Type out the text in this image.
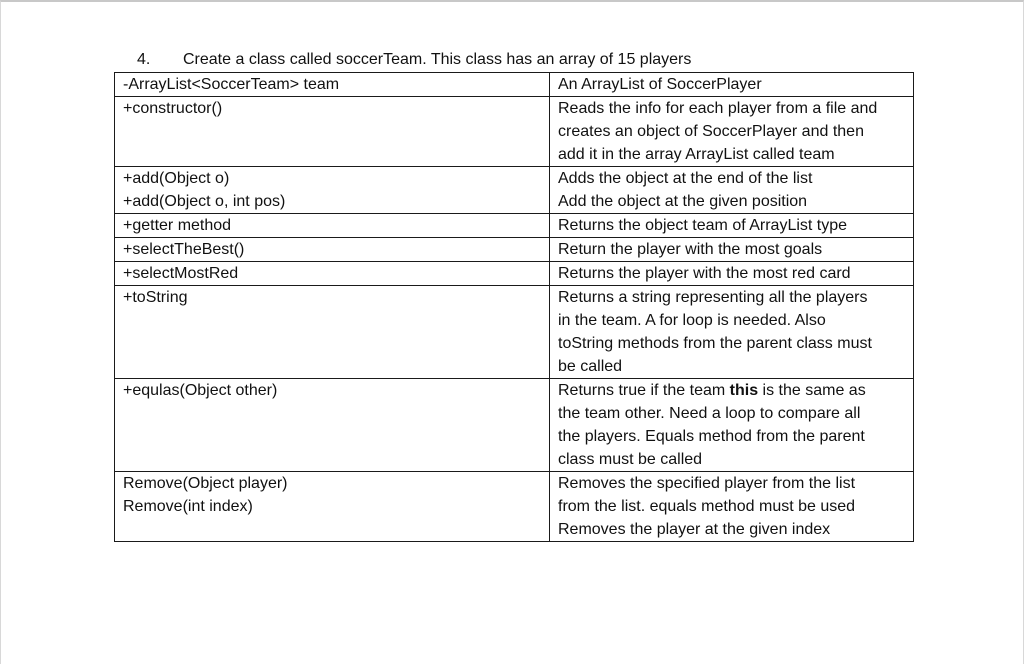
4. Create a class called soccerTeam. This class has an array of 15 players
-ArrayList<SoccerTeam> team	An ArrayList of SoccerPlayer

+constructor()	Reads the info for each player from a file and
creates an object of SoccerPlayer and then
add it in the array ArrayList called team

+add(Object o)
+add(Object o, int pos)	Adds the object at the end of the list
Add the object at the given position

+getter method	Returns the object team of ArrayList type

+selectTheBest()	Return the player with the most goals

+selectMostRed	Returns the player with the most red card

+toString	Returns a string representing all the players
in the team. A for loop is needed. Also
toString methods from the parent class must
be called

+equlas(Object other)	Returns true if the team this is the same as
the team other. Need a loop to compare all
the players. Equals method from the parent
class must be called

Remove(Object player)
Remove(int index)	Removes the specified player from the list
from the list. equals method must be used
Removes the player at the given index
